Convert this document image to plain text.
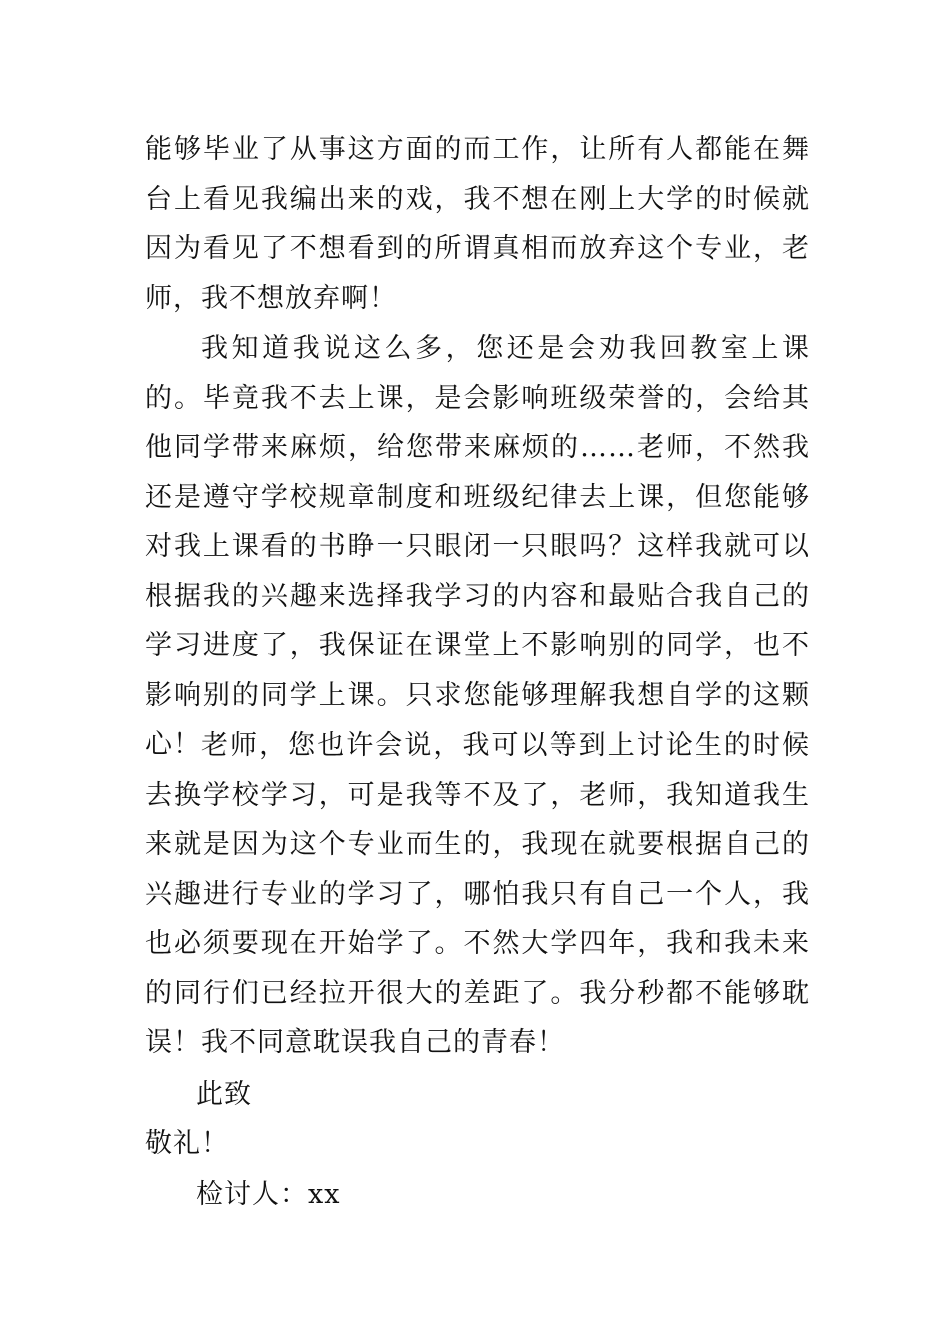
能够毕业了从事这方面的而工作，让所有人都能在舞台上看见我编出来的戏，我不想在刚上大学的时候就因为看见了不想看到的所谓真相而放弃这个专业，老师，我不想放弃啊！

我知道我说这么多，您还是会劝我回教室上课的。毕竟我不去上课，是会影响班级荣誉的，会给其他同学带来麻烦，给您带来麻烦的……老师，不然我还是遵守学校规章制度和班级纪律去上课，但您能够对我上课看的书睁一只眼闭一只眼吗？这样我就可以根据我的兴趣来选择我学习的内容和最贴合我自己的学习进度了，我保证在课堂上不影响别的同学，也不影响别的同学上课。只求您能够理解我想自学的这颗心！ 老师，您也许会说，我可以等到上讨论生的时候去换学校学习，可是我等不及了，老师，我知道我生来就是因为这个专业而生的，我现在就要根据自己的兴趣进行专业的学习了，哪怕我只有自己一个人，我也必须要现在开始学了。不然大学四年，我和我未来的同行们已经拉开很大的差距了。我分秒都不能够耽误！我不同意耽误我自己的青春！

此致
敬礼！
检讨人：xx
